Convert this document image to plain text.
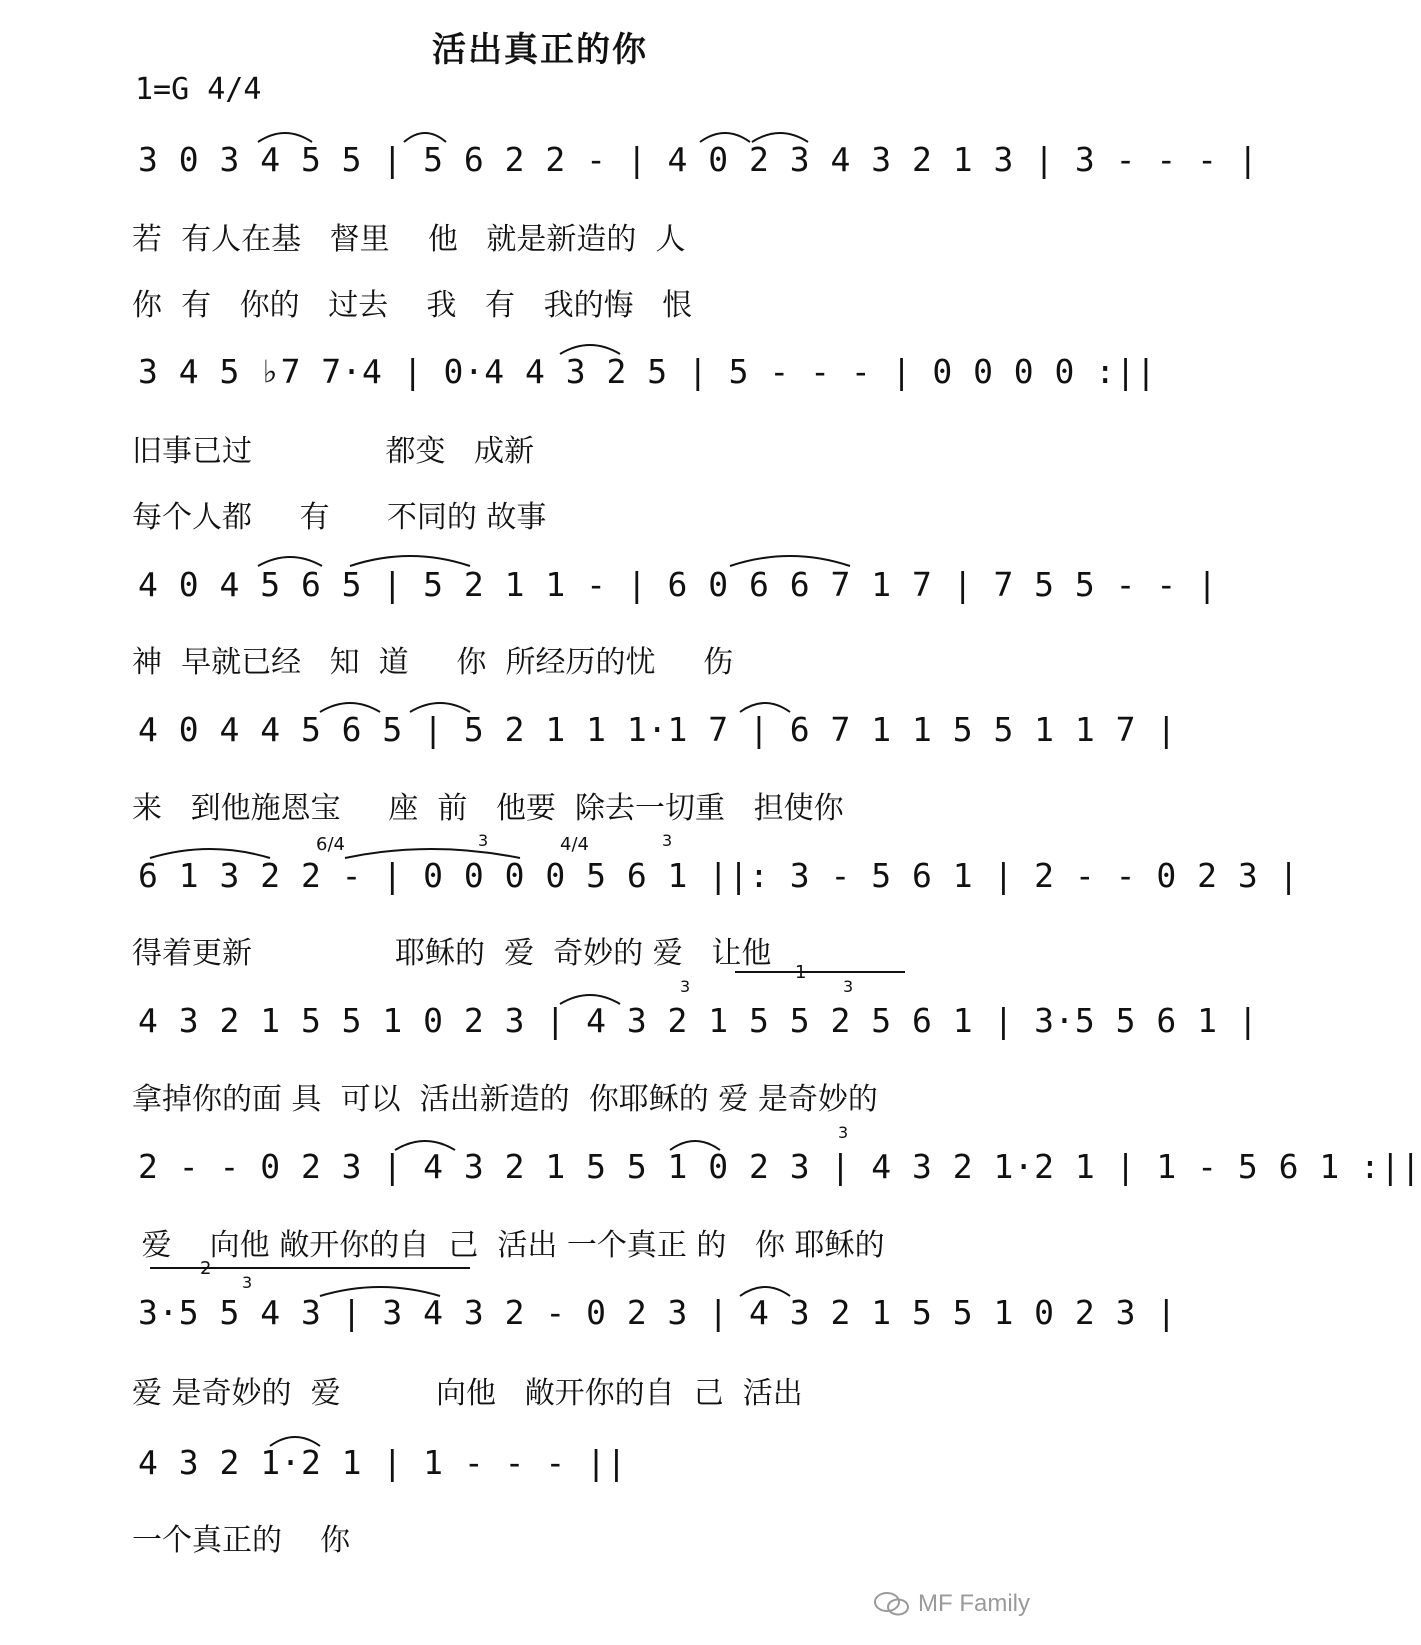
活出真正的你
1=G 4/4
3 0 3 4 5 5 | 5 6 2 2 - | 4 0 2 3 4 3 2 1 3 | 3 - - - |
若  有人在基   督里    他   就是新造的  人
你  有   你的   过去    我   有   我的悔   恨
3 4 5 ♭7 7·4 | 0·4 4 3 2 5 | 5 - - - | 0 0 0 0 :||
旧事已过              都变   成新
每个人都     有      不同的 故事
4 0 4 5 6 5 | 5 2 1 1 - | 6 0 6 6 7 1 7 | 7 5 5 - - |
神  早就已经   知  道     你  所经历的忧     伤
4 0 4 4 5 6 5 | 5 2 1 1 1·1 7 | 6 7 1 1 5 5 1 1 7 |
来   到他施恩宝     座  前   他要  除去一切重   担使你
6 1 3 2 2 - | 0 0 0 0 5 6 1 ||: 3 - 5 6 1 | 2 - - 0 2 3 |
得着更新               耶稣的  爱  奇妙的 爱   让他
4 3 2 1 5 5 1 0 2 3 | 4 3 2 1 5 5 2 5 6 1 | 3·5 5 6 1 |
拿掉你的面 具  可以  活出新造的  你耶稣的 爱 是奇妙的
2 - - 0 2 3 | 4 3 2 1 5 5 1 0 2 3 | 4 3 2 1·2 1 | 1 - 5 6 1 :||
爱    向他 敞开你的自  己  活出 一个真正 的   你 耶稣的
3·5 5 4 3 | 3 4 3 2 - 0 2 3 | 4 3 2 1 5 5 1 0 2 3 |
爱 是奇妙的  爱          向他   敞开你的自  己  活出
4 3 2 1·2 1 | 1 - - - ||
一个真正的    你
1
2
6/4	4/4
3	3
3	3
3
3
MF Family
